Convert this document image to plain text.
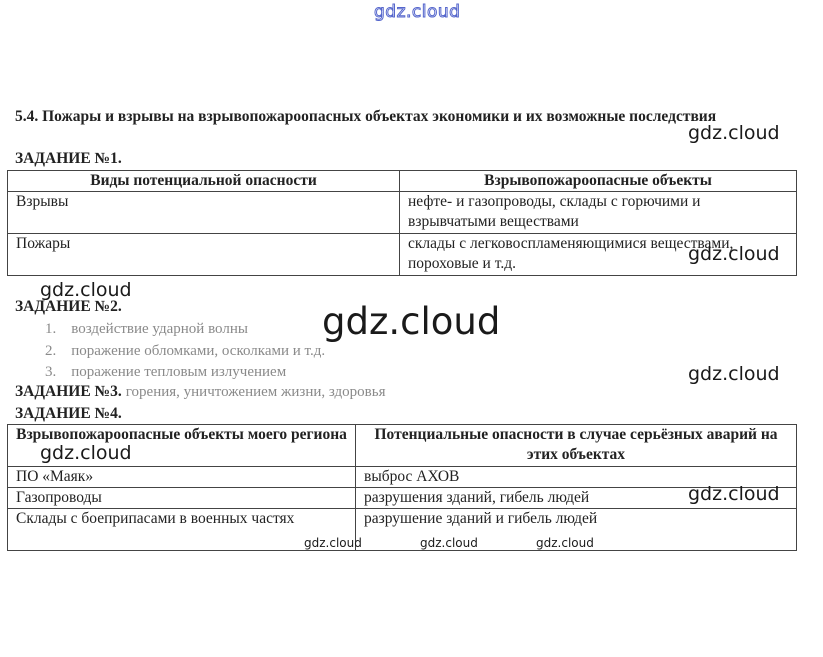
gdz.cloud
5.4. Пожары и взрывы на взрывопожароопасных объектах экономики и их возможные последствия
ЗАДАНИЕ №1.
Виды потенциальной опасности	Взрывопожароопасные объекты
Взрывы	нефте- и газопроводы, склады с горючими и взрывчатыми веществами
Пожары	склады с легковоспламеняющимися веществами, пороховые и т.д.
ЗАДАНИЕ №2.
1. воздействие ударной волны
2. поражение обломками, осколками и т.д.
3. поражение тепловым излучением
ЗАДАНИЕ №3. горения, уничтожением жизни, здоровья
ЗАДАНИЕ №4.
Взрывопожароопасные объекты моего региона	Потенциальные опасности в случае серьёзных аварий на этих объектах
ПО «Маяк»	выброс АХОВ
Газопроводы	разрушения зданий, гибель людей
Склады с боеприпасами в военных частях	разрушение зданий и гибель людей
gdz.cloud
gdz.cloud
gdz.cloud
gdz.cloud
gdz.cloud
gdz.cloud
gdz.cloud
gdz.cloud	gdz.cloud	gdz.cloud
